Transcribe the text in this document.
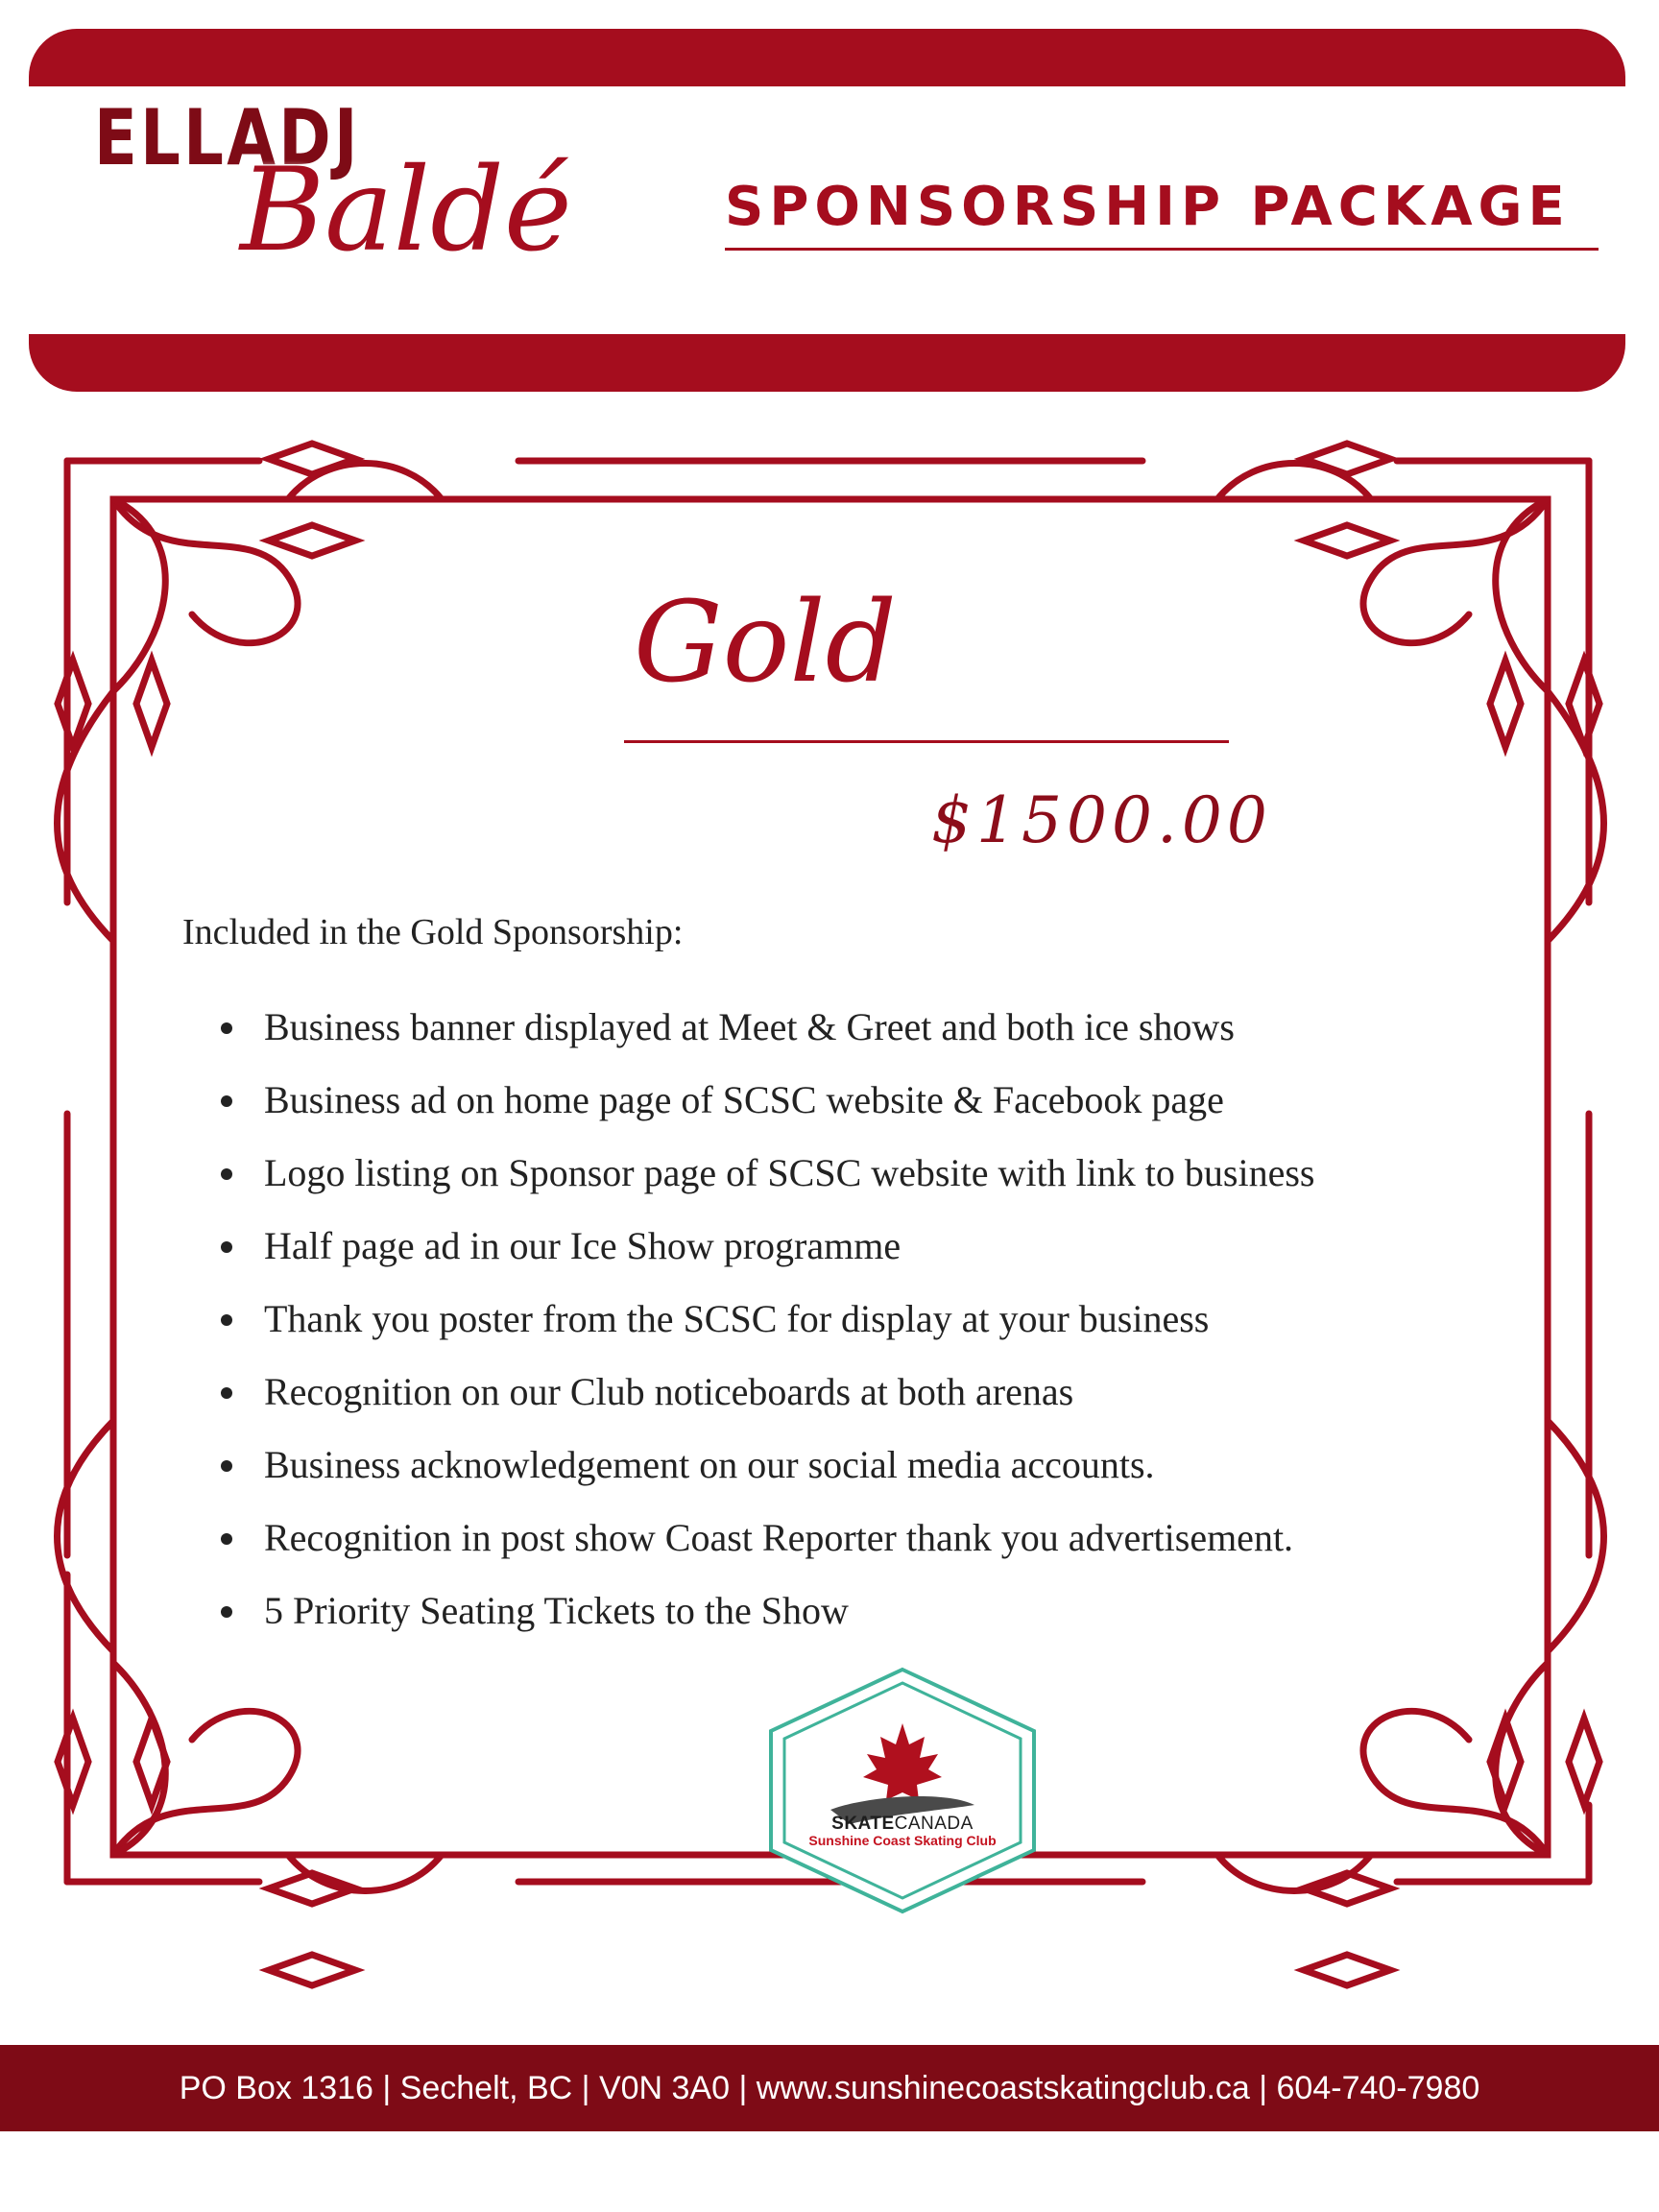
ELLADJ
Baldé	SPONSORSHIP PACKAGE
Gold
$1500.00
Included in the Gold Sponsorship:
Business banner displayed at Meet & Greet and both ice shows
Business ad on home page of SCSC website & Facebook page
Logo listing on Sponsor page of SCSC website with link to business
Half page ad in our Ice Show programme
Thank you poster from the SCSC for display at your business
Recognition on our Club noticeboards at both arenas
Business acknowledgement on our social media accounts.
Recognition in post show Coast Reporter thank you advertisement.
5 Priority Seating Tickets to the Show
SKATECANADA
Sunshine Coast Skating Club
PO Box 1316 | Sechelt, BC | V0N 3A0 | www.sunshinecoastskatingclub.ca | 604-740-7980
